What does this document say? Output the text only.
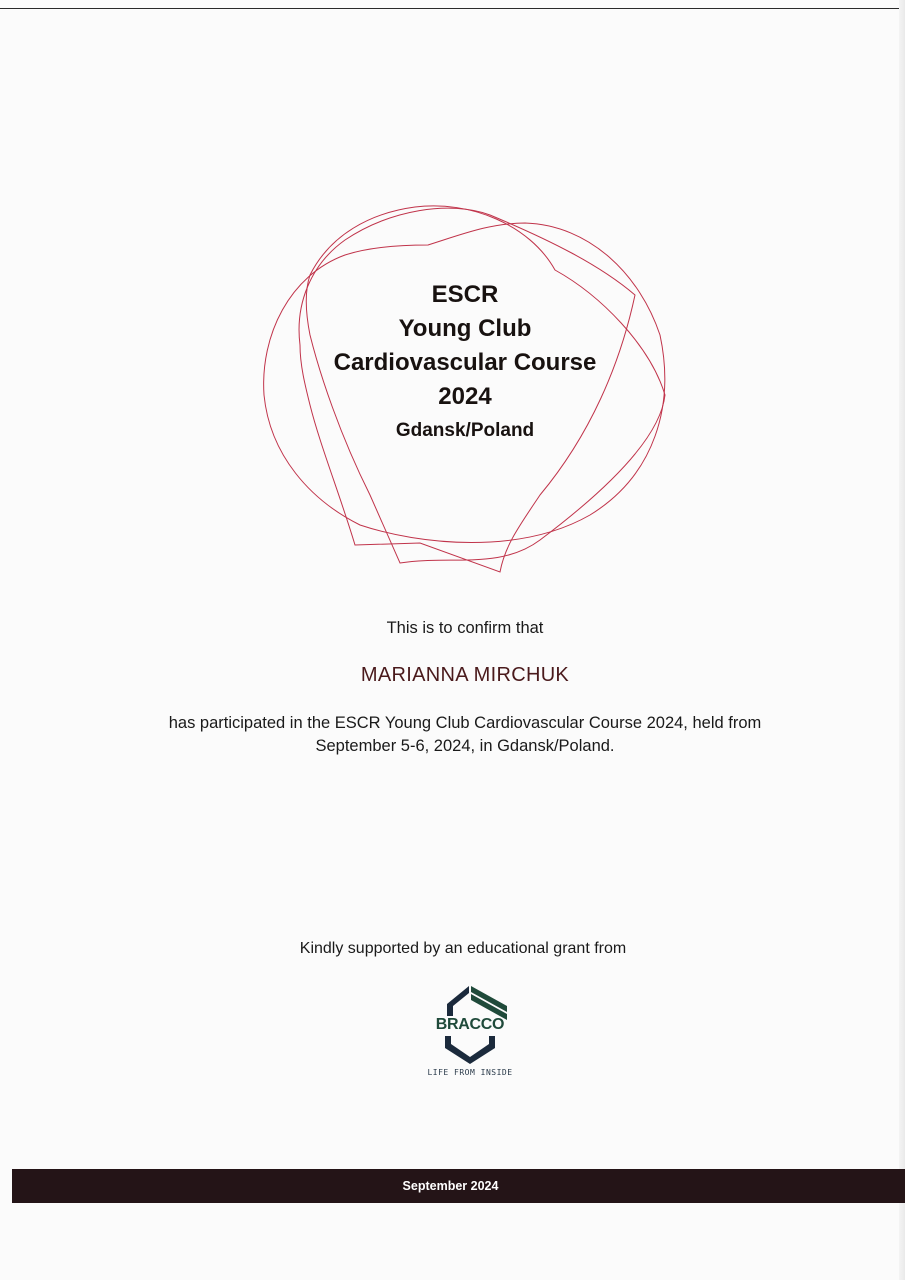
ESCR
Young Club
Cardiovascular Course
2024
Gdansk/Poland
This is to confirm that
MARIANNA MIRCHUK
has participated in the ESCR Young Club Cardiovascular Course 2024, held from
September 5-6, 2024, in Gdansk/Poland.
Kindly supported by an educational grant from
BRACCO
LIFE FROM INSIDE
September 2024
